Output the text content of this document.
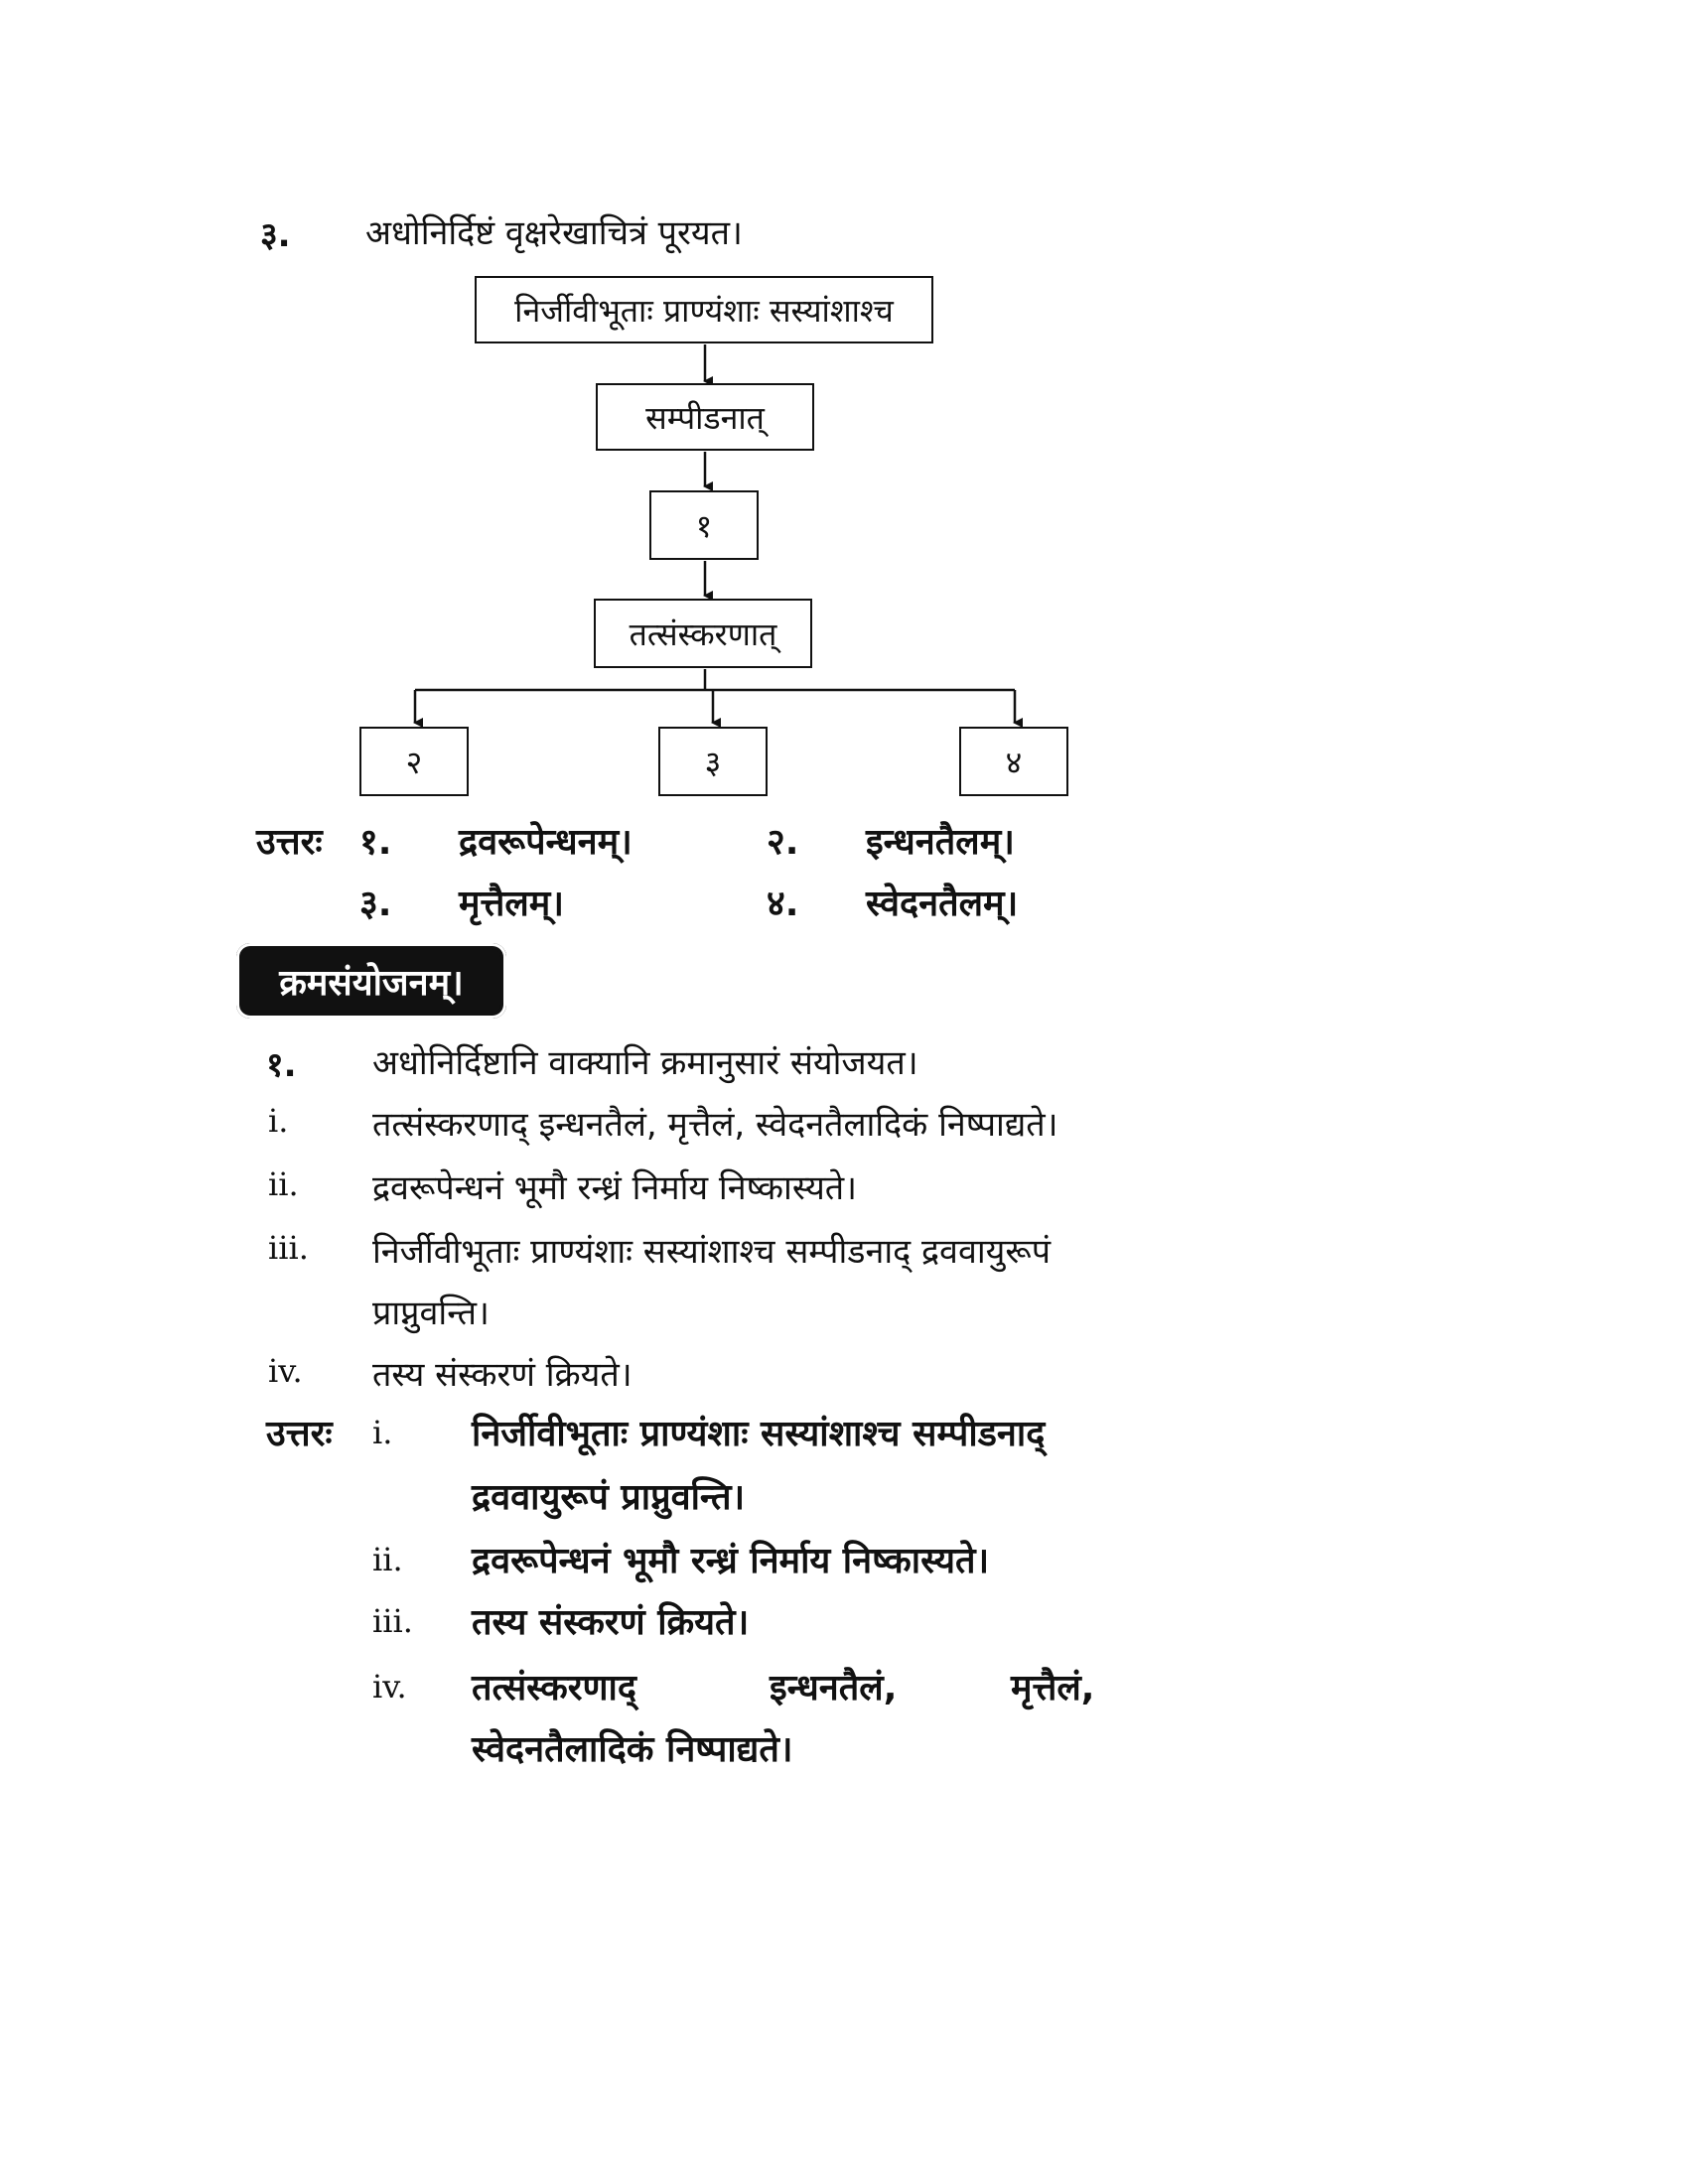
३. अधोनिर्दिष्टं वृक्षरेखाचित्रं पूरयत।
निर्जीवीभूताः प्राण्यंशाः सस्यांशाश्च
सम्पीडनात्
१
तत्संस्करणात्
२	३	४
उत्तरः १. द्रवरूपेन्धनम्।	२. इन्धनतैलम्।
३. मृत्तैलम्।	४. स्वेदनतैलम्।
क्रमसंयोजनम्।
१. अधोनिर्दिष्टानि वाक्यानि क्रमानुसारं संयोजयत।
i. तत्संस्करणाद् इन्धनतैलं, मृत्तैलं, स्वेदनतैलादिकं निष्पाद्यते।
ii. द्रवरूपेन्धनं भूमौ रन्ध्रं निर्माय निष्कास्यते।
iii. निर्जीवीभूताः प्राण्यंशाः सस्यांशाश्च सम्पीडनाद् द्रववायुरूपं
प्राप्नुवन्ति।
iv. तस्य संस्करणं क्रियते।
उत्तरः i. निर्जीवीभूताः प्राण्यंशाः सस्यांशाश्च सम्पीडनाद्
द्रववायुरूपं प्राप्नुवन्ति।
ii. द्रवरूपेन्धनं भूमौ रन्ध्रं निर्माय निष्कास्यते।
iii. तस्य संस्करणं क्रियते।
iv. तत्संस्करणाद्	इन्धनतैलं,	मृत्तैलं,
स्वेदनतैलादिकं निष्पाद्यते।
